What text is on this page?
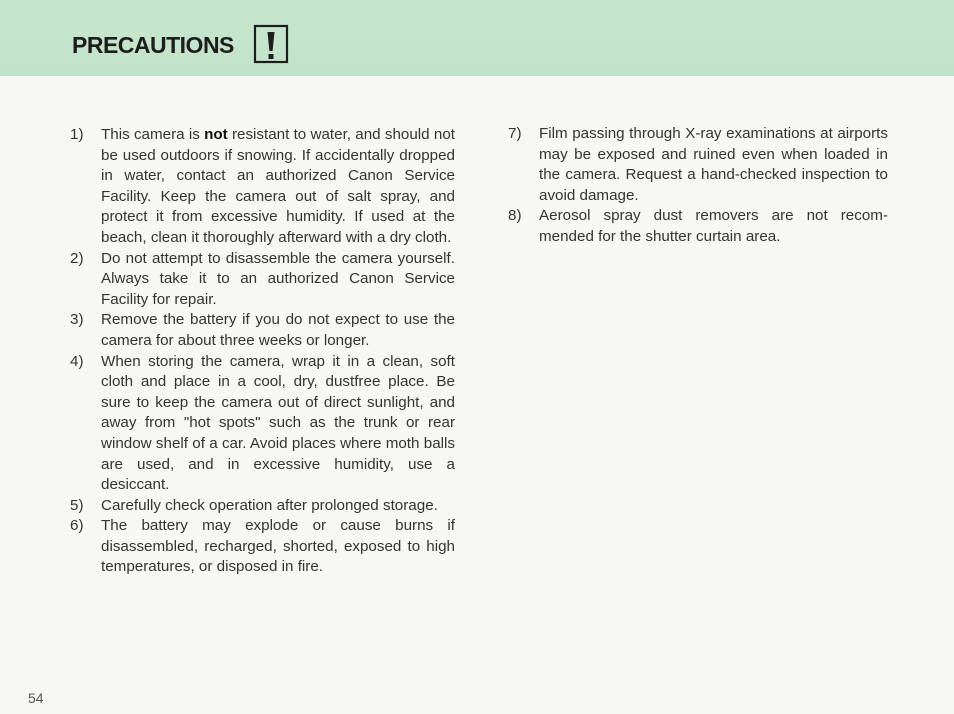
PRECAUTIONS
1)	This camera is not resistant to water, and should not be used outdoors if snowing. If accidentally dropped in water, contact an authorized Canon Service Facility. Keep the camera out of salt spray, and protect it from excessive humidity. If used at the beach, clean it thoroughly afterward with a dry cloth.
2)	Do not attempt to disassemble the camera yourself. Always take it to an authorized Canon Service Facility for repair.
3)	Remove the battery if you do not expect to use the camera for about three weeks or longer.
4)	When storing the camera, wrap it in a clean, soft cloth and place in a cool, dry, dustfree place. Be sure to keep the camera out of direct sunlight, and away from "hot spots" such as the trunk or rear window shelf of a car. Avoid places where moth balls are used, and in excessive humidity, use a desiccant.
5)	Carefully check operation after prolonged storage.
6)	The battery may explode or cause burns if disassembled, recharged, shorted, exposed to high temperatures, or disposed in fire.
7)	Film passing through X-ray examinations at airports may be exposed and ruined even when loaded in the camera. Request a hand-checked inspection to avoid damage.
8)	Aerosol spray dust removers are not recom-mended for the shutter curtain area.
54
